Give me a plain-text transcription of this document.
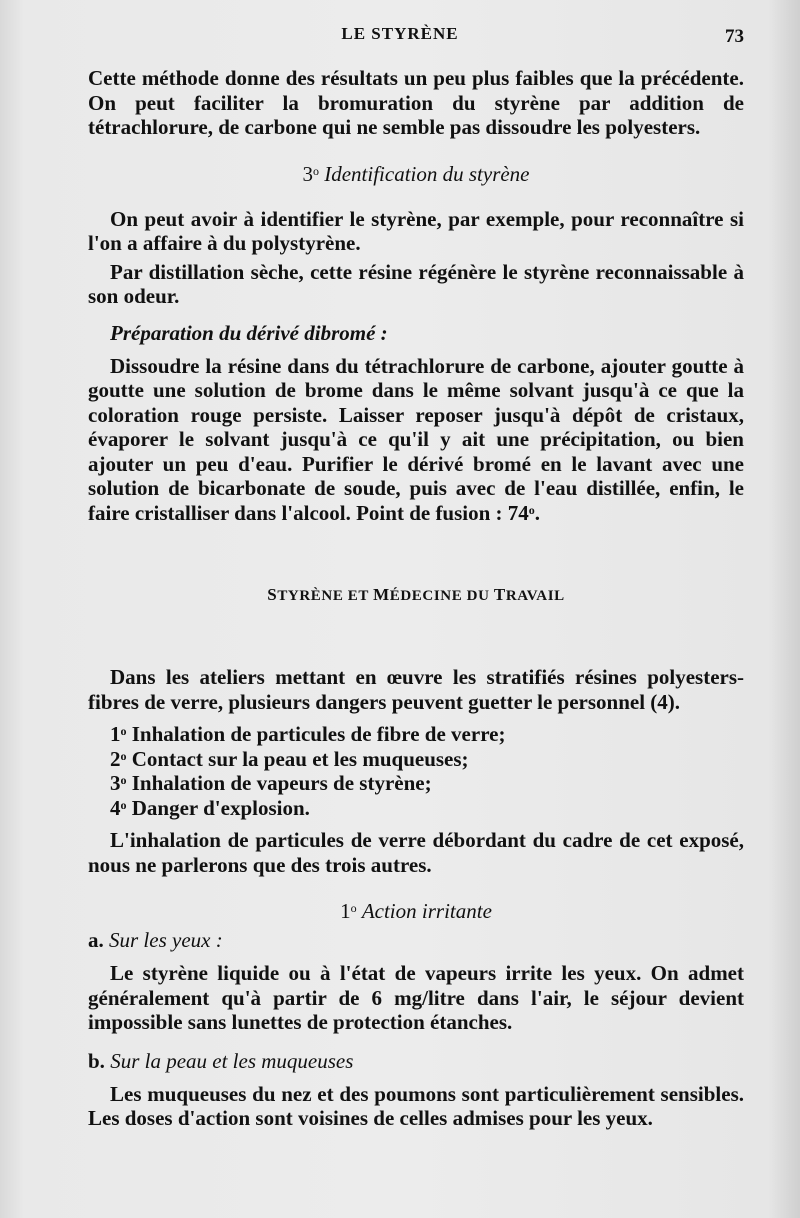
LE STYRÈNE	73

Cette méthode donne des résultats un peu plus faibles que la précédente. On peut faciliter la bromuration du styrène par addition de tétrachlorure, de carbone qui ne semble pas dissoudre les polyesters.

3$^o$ Identification du styrène

On peut avoir à identifier le styrène, par exemple, pour reconnaître si l'on a affaire à du polystyrène.

Par distillation sèche, cette résine régénère le styrène reconnaissable à son odeur.

Préparation du dérivé dibromé :

Dissoudre la résine dans du tétrachlorure de carbone, ajouter goutte à goutte une solution de brome dans le même solvant jusqu'à ce que la coloration rouge persiste. Laisser reposer jusqu'à dépôt de cristaux, évaporer le solvant jusqu'à ce qu'il y ait une précipitation, ou bien ajouter un peu d'eau. Purifier le dérivé bromé en le lavant avec une solution de bicarbonate de soude, puis avec de l'eau distillée, enfin, le faire cristalliser dans l'alcool. Point de fusion : 74$^o$.

STYRÈNE ET MÉDECINE DU TRAVAIL

Dans les ateliers mettant en œuvre les stratifiés résines polyesters-fibres de verre, plusieurs dangers peuvent guetter le personnel (4).

1$^o$ Inhalation de particules de fibre de verre;
2$^o$ Contact sur la peau et les muqueuses;
3$^o$ Inhalation de vapeurs de styrène;
4$^o$ Danger d'explosion.

L'inhalation de particules de verre débordant du cadre de cet exposé, nous ne parlerons que des trois autres.

1$^o$ Action irritante
a. Sur les yeux :

Le styrène liquide ou à l'état de vapeurs irrite les yeux. On admet généralement qu'à partir de 6 mg/litre dans l'air, le séjour devient impossible sans lunettes de protection étanches.

b. Sur la peau et les muqueuses

Les muqueuses du nez et des poumons sont particulièrement sensibles. Les doses d'action sont voisines de celles admises pour les yeux.
